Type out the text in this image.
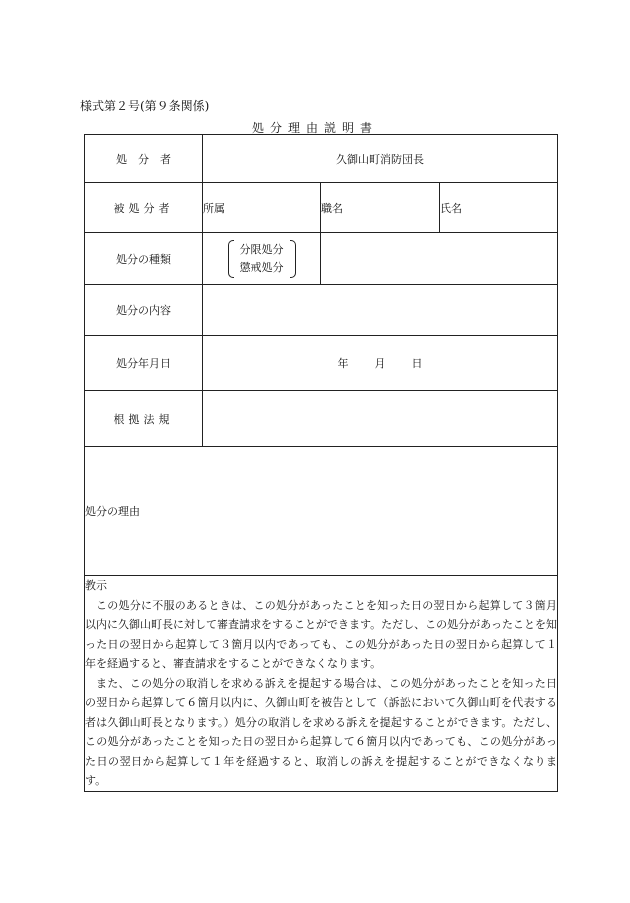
様式第２号(第９条関係)
処分理由説明書
処　分　者	久御山町消防団長		
被処分者	所属	職名	氏名
処分の種類	分限処分
懲戒処分		

処分の内容			
処分年月日	年 月 日		

根拠法規			
処分の理由			

教示

この処分に不服のあるときは、この処分があったことを知った日の翌日から起算して３箇月以内に久御山町長に対して審査請求をすることができます。ただし、この処分があったことを知った日の翌日から起算して３箇月以内であっても、この処分があった日の翌日から起算して１年を経過すると、審査請求をすることができなくなります。

また、この処分の取消しを求める訴えを提起する場合は、この処分があったことを知った日の翌日から起算して６箇月以内に、久御山町を被告として（訴訟において久御山町を代表する者は久御山町長となります。）処分の取消しを求める訴えを提起することができます。ただし、この処分があったことを知った日の翌日から起算して６箇月以内であっても、この処分があった日の翌日から起算して１年を経過すると、取消しの訴えを提起することができなくなります。			
